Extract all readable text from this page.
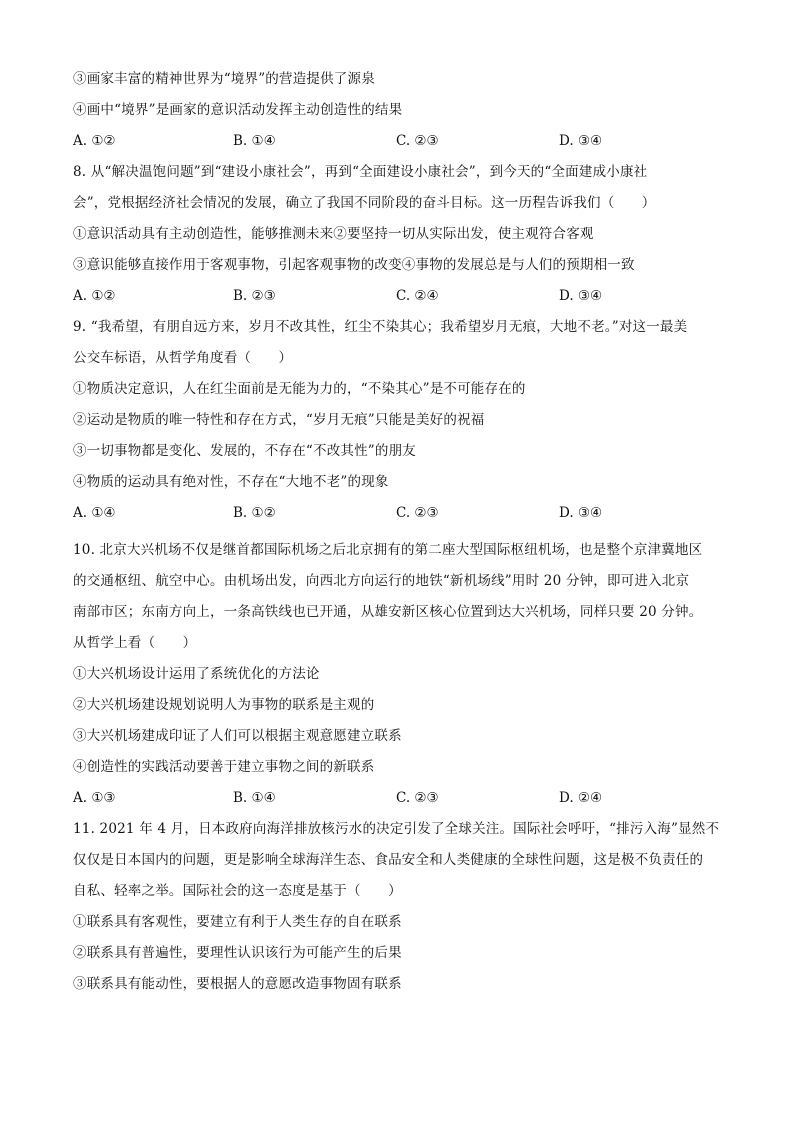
③画家丰富的精神世界为“境界”的营造提供了源泉
④画中“境界”是画家的意识活动发挥主动创造性的结果
A. ①②	B. ①④	C. ②③	D. ③④
8. 从“解决温饱问题”到“建设小康社会”，再到“全面建设小康社会”，到今天的“全面建成小康社
会”，党根据经济社会情况的发展，确立了我国不同阶段的奋斗目标。这一历程告诉我们（　　）
①意识活动具有主动创造性，能够推测未来②要坚持一切从实际出发，使主观符合客观
③意识能够直接作用于客观事物，引起客观事物的改变④事物的发展总是与人们的预期相一致
A. ①②	B. ②③	C. ②④	D. ③④
9. “我希望，有朋自远方来，岁月不改其性，红尘不染其心；我希望岁月无痕，大地不老。”对这一最美
公交车标语，从哲学角度看（　　）
①物质决定意识，人在红尘面前是无能为力的，“不染其心”是不可能存在的
②运动是物质的唯一特性和存在方式，“岁月无痕”只能是美好的祝福
③一切事物都是变化、发展的，不存在“不改其性”的朋友
④物质的运动具有绝对性，不存在“大地不老”的现象
A. ①④	B. ①②	C. ②③	D. ③④
10. 北京大兴机场不仅是继首都国际机场之后北京拥有的第二座大型国际枢纽机场，也是整个京津冀地区
的交通枢纽、航空中心。由机场出发，向西北方向运行的地铁“新机场线”用时 20 分钟，即可进入北京
南部市区；东南方向上，一条高铁线也已开通，从雄安新区核心位置到达大兴机场，同样只要 20 分钟。
从哲学上看（　　）
①大兴机场设计运用了系统优化的方法论
②大兴机场建设规划说明人为事物的联系是主观的
③大兴机场建成印证了人们可以根据主观意愿建立联系
④创造性的实践活动要善于建立事物之间的新联系
A. ①③	B. ①④	C. ②③	D. ②④
11. 2021 年 4 月，日本政府向海洋排放核污水的决定引发了全球关注。国际社会呼吁，“排污入海”显然不
仅仅是日本国内的问题，更是影响全球海洋生态、食品安全和人类健康的全球性问题，这是极不负责任的
自私、轻率之举。国际社会的这一态度是基于（　　）
①联系具有客观性，要建立有利于人类生存的自在联系
②联系具有普遍性，要理性认识该行为可能产生的后果
③联系具有能动性，要根据人的意愿改造事物固有联系
